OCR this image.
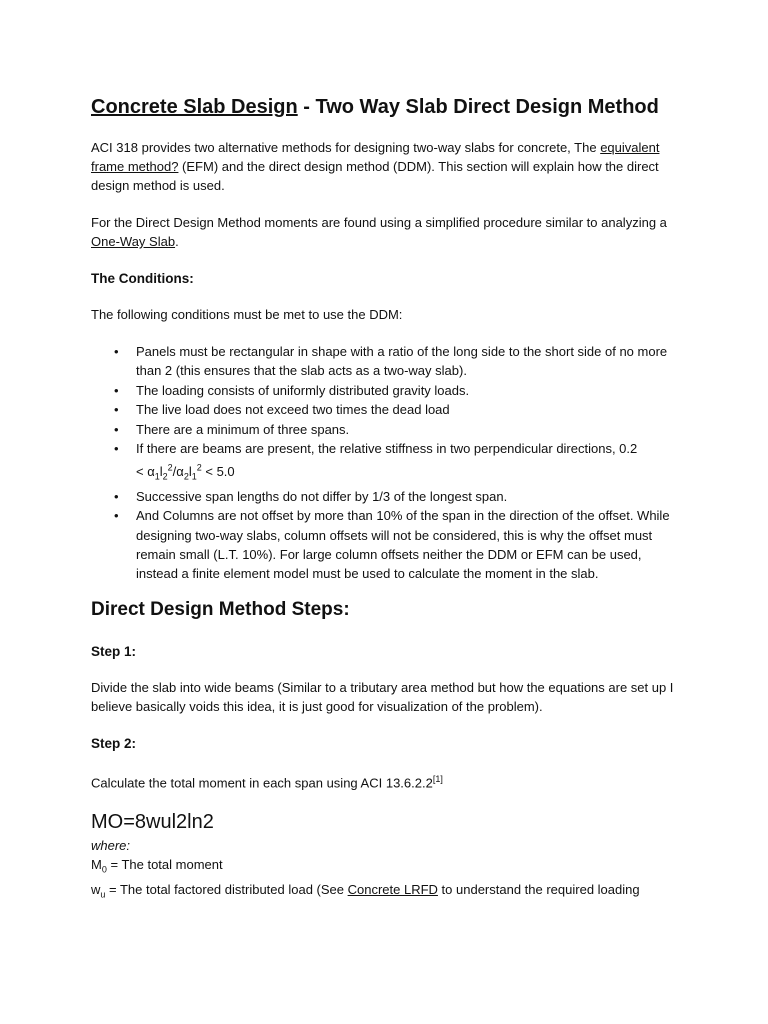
Concrete Slab Design - Two Way Slab Direct Design Method

ACI 318 provides two alternative methods for designing two-way slabs for concrete, The equivalent frame method? (EFM) and the direct design method (DDM). This section will explain how the direct design method is used.

For the Direct Design Method moments are found using a simplified procedure similar to analyzing a One-Way Slab.

The Conditions:

The following conditions must be met to use the DDM:

• Panels must be rectangular in shape with a ratio of the long side to the short side of no more than 2 (this ensures that the slab acts as a two-way slab).
• The loading consists of uniformly distributed gravity loads.
• The live load does not exceed two times the dead load
• There are a minimum of three spans.
• If there are beams are present, the relative stiffness in two perpendicular directions, 0.2
< $\alpha_1l_2^2/\alpha_2l_1^2 < 5.0$
• Successive span lengths do not differ by 1/3 of the longest span.
• And Columns are not offset by more than 10% of the span in the direction of the offset. While designing two-way slabs, column offsets will not be considered, this is why the offset must remain small (L.T. 10%). For large column offsets neither the DDM or EFM can be used, instead a finite element model must be used to calculate the moment in the slab.
Direct Design Method Steps:
Step 1:

Divide the slab into wide beams (Similar to a tributary area method but how the equations are set up I believe basically voids this idea, it is just good for visualization of the problem).

Step 2:

Calculate the total moment in each span using ACI 13.6.2.2[1]

MO=8wul2ln2
where:
$M_0$ = The total moment
$w_u$ = The total factored distributed load (See Concrete LRFD to understand the required loading
